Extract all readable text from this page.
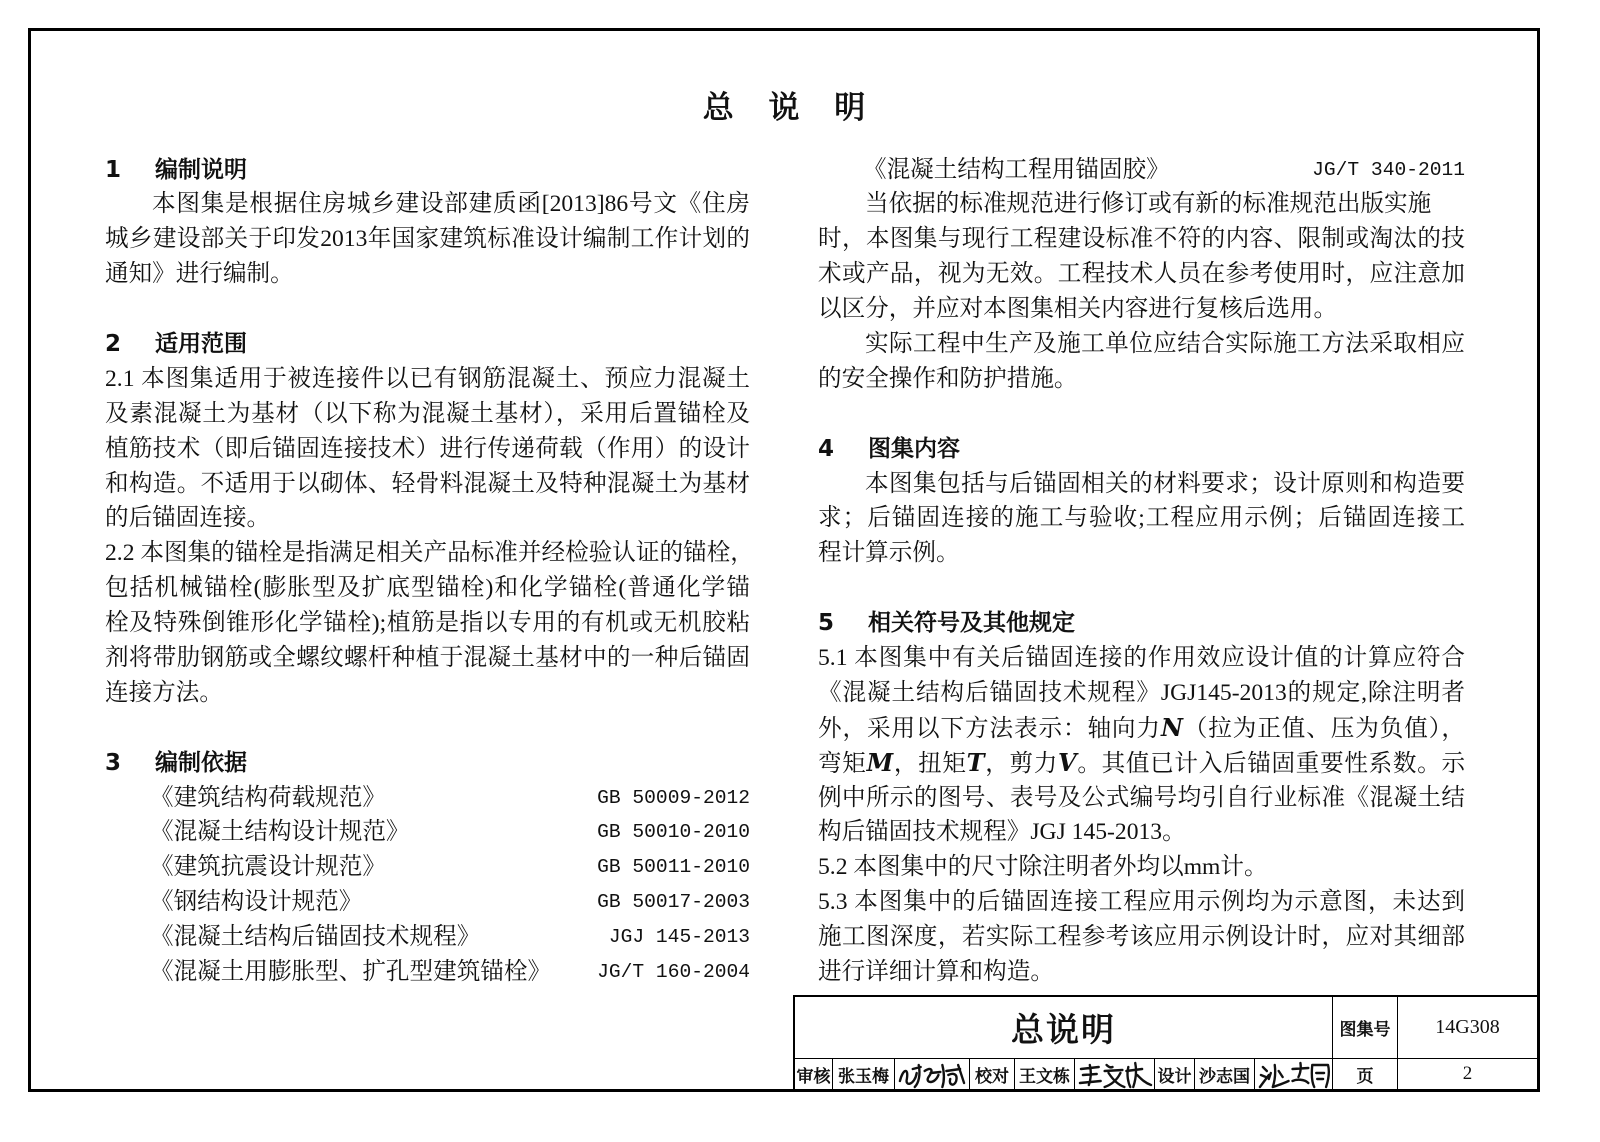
总 说 明
1 编制说明
本图集是根据住房城乡建设部建质函[2013]86号文《住房
城乡建设部关于印发2013年国家建筑标准设计编制工作计划的
通知》进行编制。
2 适用范围
2.1 本图集适用于被连接件以已有钢筋混凝土、预应力混凝土
及素混凝土为基材（以下称为混凝土基材），采用后置锚栓及
植筋技术（即后锚固连接技术）进行传递荷载（作用）的设计
和构造。不适用于以砌体、轻骨料混凝土及特种混凝土为基材
的后锚固连接。
2.2 本图集的锚栓是指满足相关产品标准并经检验认证的锚栓，
包括机械锚栓(膨胀型及扩底型锚栓)和化学锚栓(普通化学锚
栓及特殊倒锥形化学锚栓);植筋是指以专用的有机或无机胶粘
剂将带肋钢筋或全螺纹螺杆种植于混凝土基材中的一种后锚固
连接方法。
3 编制依据
《建筑结构荷载规范》	GB 50009-2012
《混凝土结构设计规范》	GB 50010-2010
《建筑抗震设计规范》	GB 50011-2010
《钢结构设计规范》	GB 50017-2003
《混凝土结构后锚固技术规程》	JGJ 145-2013
《混凝土用膨胀型、扩孔型建筑锚栓》 JG/T 160-2004
《混凝土结构工程用锚固胶》	JG/T 340-2011
当依据的标准规范进行修订或有新的标准规范出版实施
时，本图集与现行工程建设标准不符的内容、限制或淘汰的技
术或产品，视为无效。工程技术人员在参考使用时，应注意加
以区分，并应对本图集相关内容进行复核后选用。
实际工程中生产及施工单位应结合实际施工方法采取相应
的安全操作和防护措施。
4 图集内容
本图集包括与后锚固相关的材料要求；设计原则和构造要
求；后锚固连接的施工与验收;工程应用示例；后锚固连接工
程计算示例。
5 相关符号及其他规定
5.1 本图集中有关后锚固连接的作用效应设计值的计算应符合
《混凝土结构后锚固技术规程》JGJ145-2013的规定,除注明者
外，采用以下方法表示：轴向力N（拉为正值、压为负值），
弯矩M，扭矩T，剪力V。其值已计入后锚固重要性系数。示
例中所示的图号、表号及公式编号均引自行业标准《混凝土结
构后锚固技术规程》JGJ 145-2013。
5.2 本图集中的尺寸除注明者外均以mm计。
5.3 本图集中的后锚固连接工程应用示例均为示意图，未达到
施工图深度，若实际工程参考该应用示例设计时，应对其细部
进行详细计算和构造。
总说明	图集号	14G308
审核 张玉梅	校对 王文栋	设计 沙志国	页	2
